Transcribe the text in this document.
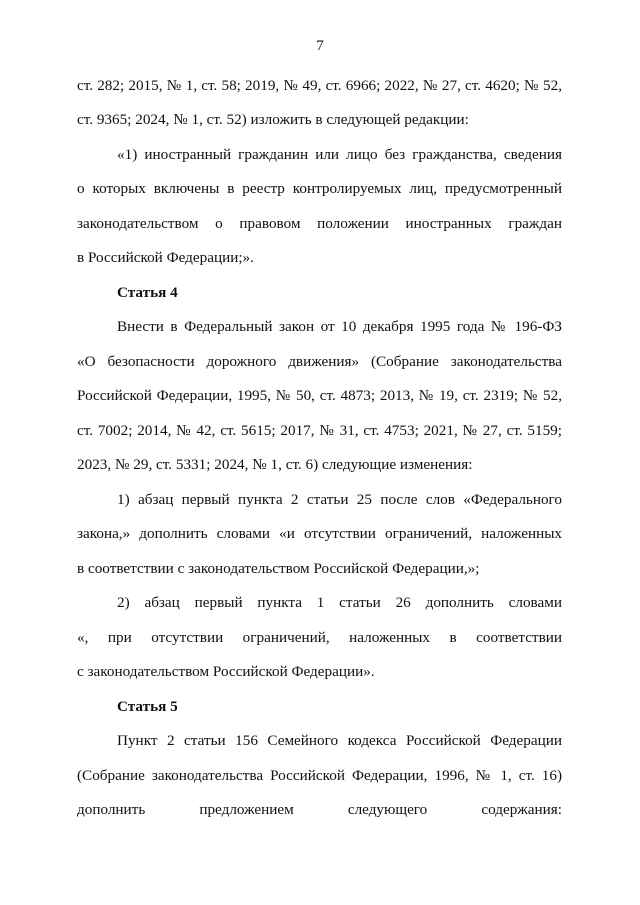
7
ст. 282; 2015, № 1, ст. 58; 2019, № 49, ст. 6966; 2022, № 27, ст. 4620; № 52,
ст. 9365; 2024, № 1, ст. 52) изложить в следующей редакции:
«1) иностранный гражданин или лицо без гражданства, сведения
о которых включены в реестр контролируемых лиц, предусмотренный
законодательством о правовом положении иностранных граждан
в Российской Федерации;».
Статья 4
Внести в Федеральный закон от 10 декабря 1995 года № 196-ФЗ
«О безопасности дорожного движения» (Собрание законодательства
Российской Федерации, 1995, № 50, ст. 4873; 2013, № 19, ст. 2319; № 52,
ст. 7002; 2014, № 42, ст. 5615; 2017, № 31, ст. 4753; 2021, № 27, ст. 5159;
2023, № 29, ст. 5331; 2024, № 1, ст. 6) следующие изменения:
1) абзац первый пункта 2 статьи 25 после слов «Федерального
закона,» дополнить словами «и отсутствии ограничений, наложенных
в соответствии с законодательством Российской Федерации,»;
2) абзац первый пункта 1 статьи 26 дополнить словами
«, при отсутствии ограничений, наложенных в соответствии
с законодательством Российской Федерации».
Статья 5
Пункт 2 статьи 156 Семейного кодекса Российской Федерации
(Собрание законодательства Российской Федерации, 1996, № 1, ст. 16)
дополнить предложением следующего содержания:
